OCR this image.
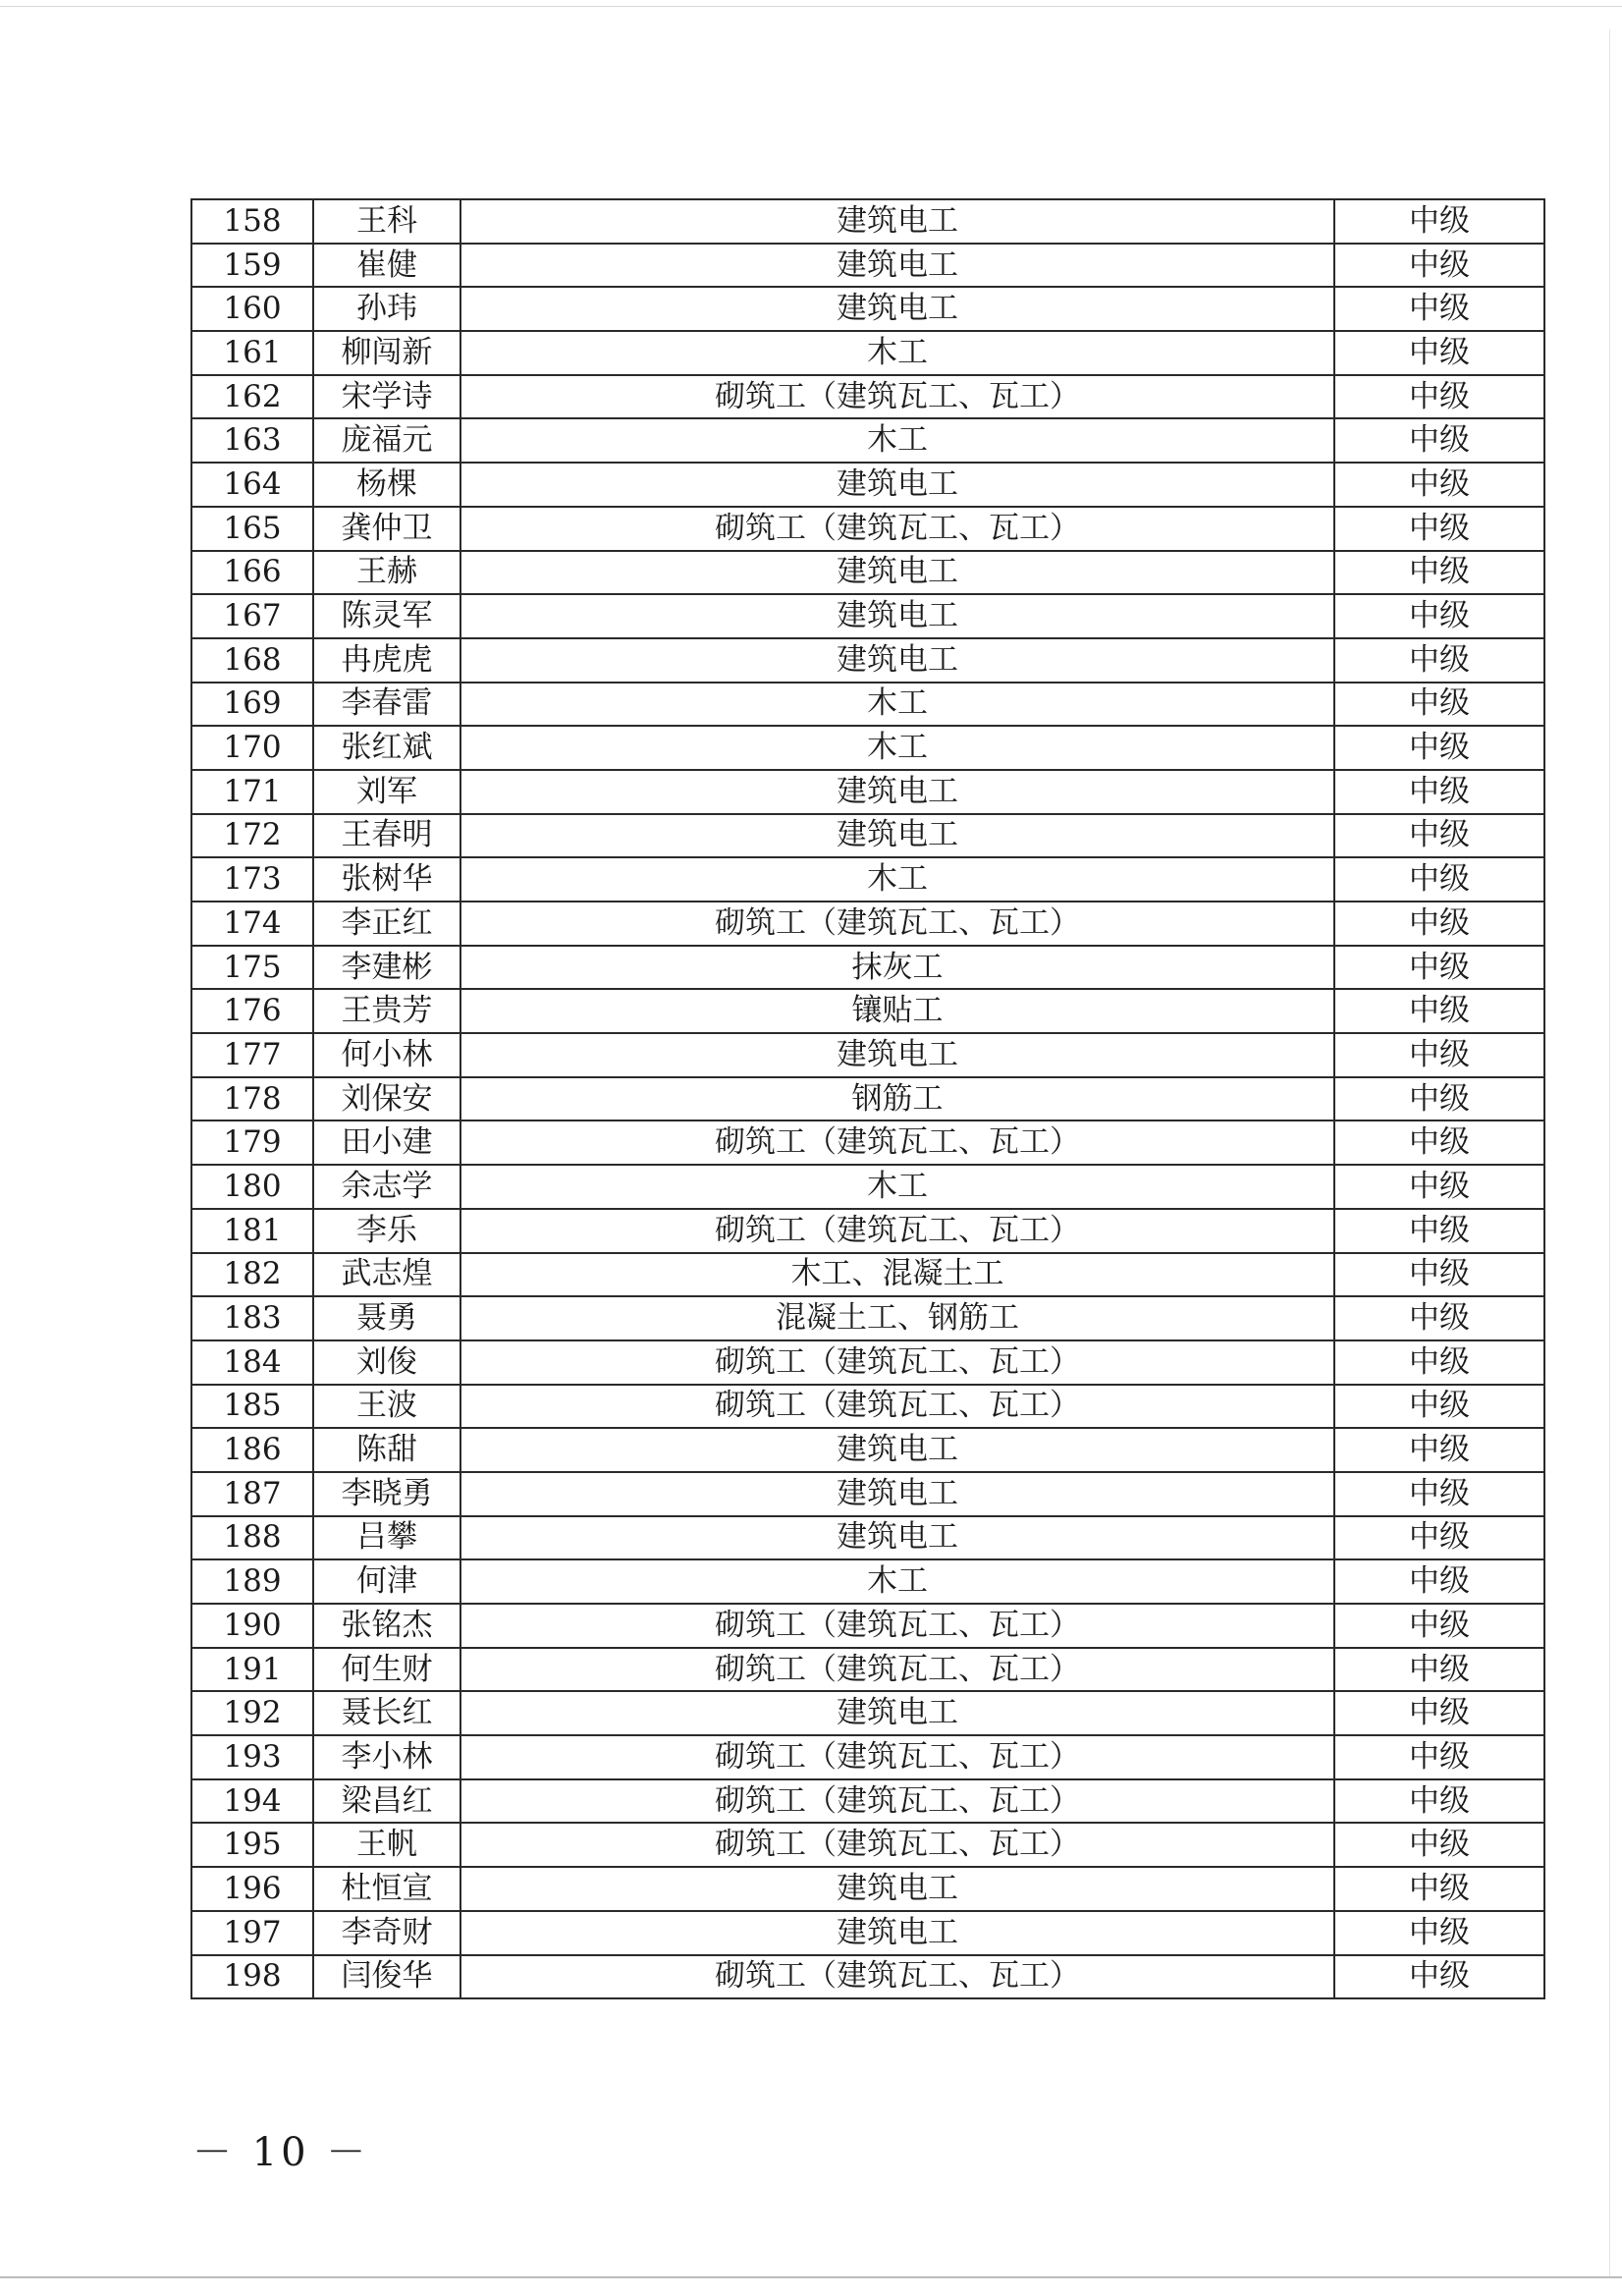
158	王科	建筑电工	中级
159	崔健	建筑电工	中级
160	孙玮	建筑电工	中级
161	柳闯新	木工	中级
162	宋学诗	砌筑工（建筑瓦工、瓦工）	中级
163	庞福元	木工	中级
164	杨棵	建筑电工	中级
165	龚仲卫	砌筑工（建筑瓦工、瓦工）	中级
166	王赫	建筑电工	中级
167	陈灵军	建筑电工	中级
168	冉虎虎	建筑电工	中级
169	李春雷	木工	中级
170	张红斌	木工	中级
171	刘军	建筑电工	中级
172	王春明	建筑电工	中级
173	张树华	木工	中级
174	李正红	砌筑工（建筑瓦工、瓦工）	中级
175	李建彬	抹灰工	中级
176	王贵芳	镶贴工	中级
177	何小林	建筑电工	中级
178	刘保安	钢筋工	中级
179	田小建	砌筑工（建筑瓦工、瓦工）	中级
180	余志学	木工	中级
181	李乐	砌筑工（建筑瓦工、瓦工）	中级
182	武志煌	木工、混凝土工	中级
183	聂勇	混凝土工、钢筋工	中级
184	刘俊	砌筑工（建筑瓦工、瓦工）	中级
185	王波	砌筑工（建筑瓦工、瓦工）	中级
186	陈甜	建筑电工	中级
187	李晓勇	建筑电工	中级
188	吕攀	建筑电工	中级
189	何津	木工	中级
190	张铭杰	砌筑工（建筑瓦工、瓦工）	中级
191	何生财	砌筑工（建筑瓦工、瓦工）	中级
192	聂长红	建筑电工	中级
193	李小林	砌筑工（建筑瓦工、瓦工）	中级
194	梁昌红	砌筑工（建筑瓦工、瓦工）	中级
195	王帆	砌筑工（建筑瓦工、瓦工）	中级
196	杜恒宣	建筑电工	中级
197	李奇财	建筑电工	中级
198	闫俊华	砌筑工（建筑瓦工、瓦工）	中级
－ 10 －
